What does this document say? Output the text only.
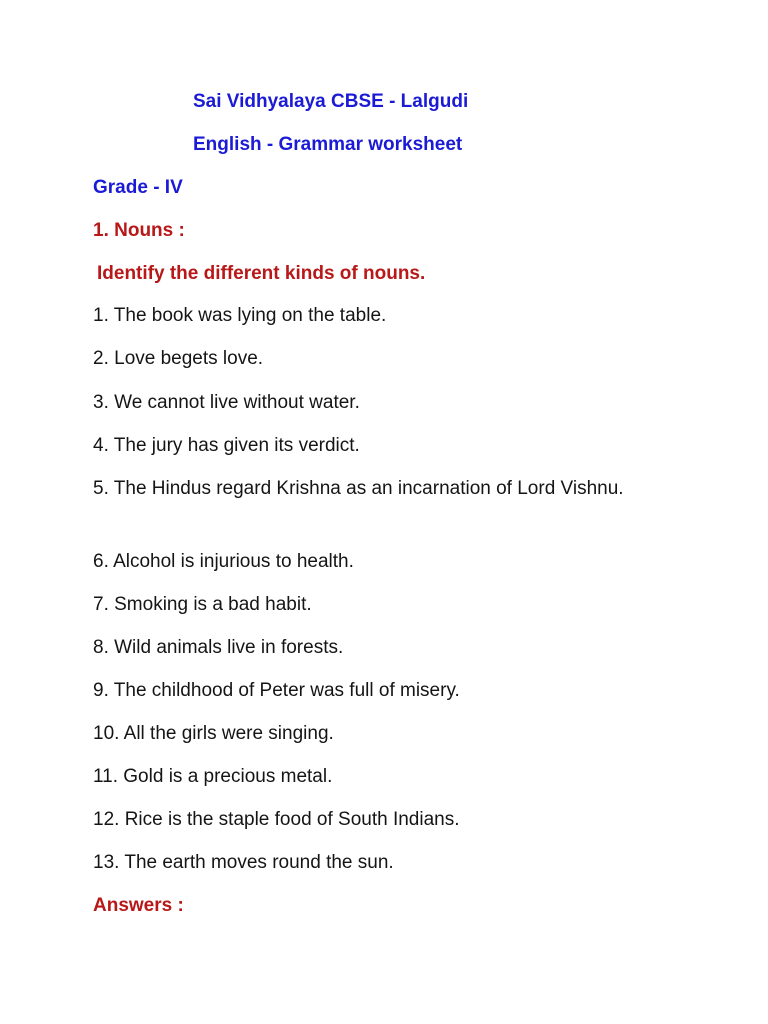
Sai Vidhyalaya CBSE - Lalgudi
English - Grammar worksheet
Grade - IV
1. Nouns :
Identify the different kinds of nouns.
1. The book was lying on the table.
2. Love begets love.
3. We cannot live without water.
4. The jury has given its verdict.
5. The Hindus regard Krishna as an incarnation of Lord Vishnu.
6. Alcohol is injurious to health.
7. Smoking is a bad habit.
8. Wild animals live in forests.
9. The childhood of Peter was full of misery.
10. All the girls were singing.
11. Gold is a precious metal.
12. Rice is the staple food of South Indians.
13. The earth moves round the sun.
Answers :
